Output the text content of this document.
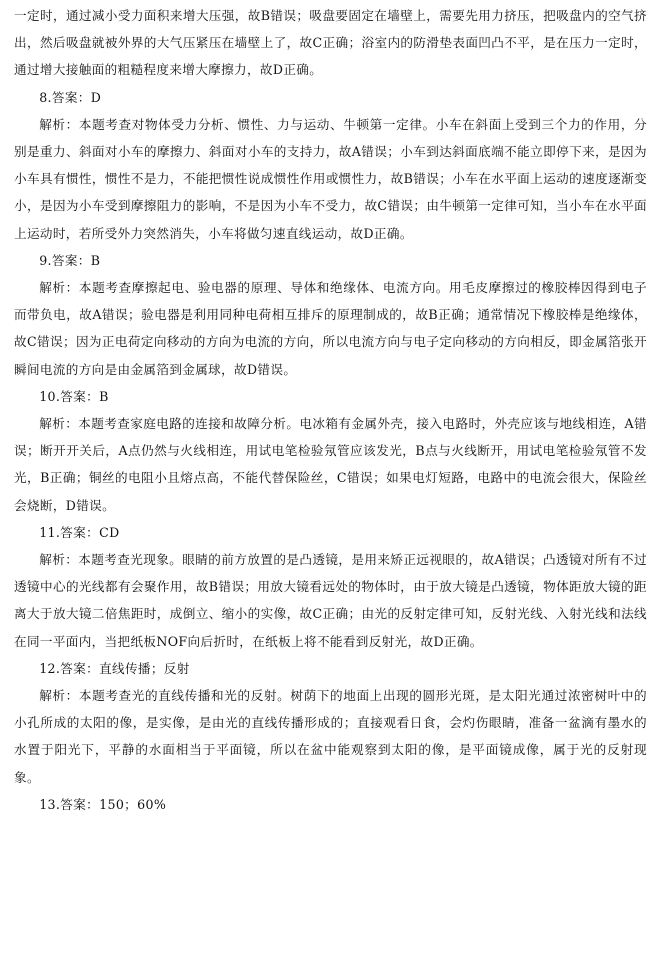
一定时，通过减小受力面积来增大压强，故B错误；吸盘要固定在墙壁上，需要先用力挤压，把吸盘内的空气挤出，然后吸盘就被外界的大气压紧压在墙壁上了，故C正确；浴室内的防滑垫表面凹凸不平，是在压力一定时，通过增大接触面的粗糙程度来增大摩擦力，故D正确。

8.答案：D

解析：本题考查对物体受力分析、惯性、力与运动、牛顿第一定律。小车在斜面上受到三个力的作用，分别是重力、斜面对小车的摩擦力、斜面对小车的支持力，故A错误；小车到达斜面底端不能立即停下来，是因为小车具有惯性，惯性不是力，不能把惯性说成惯性作用或惯性力，故B错误；小车在水平面上运动的速度逐渐变小，是因为小车受到摩擦阻力的影响，不是因为小车不受力，故C错误；由牛顿第一定律可知，当小车在水平面上运动时，若所受外力突然消失，小车将做匀速直线运动，故D正确。

9.答案：B

解析：本题考查摩擦起电、验电器的原理、导体和绝缘体、电流方向。用毛皮摩擦过的橡胶棒因得到电子而带负电，故A错误；验电器是利用同种电荷相互排斥的原理制成的，故B正确；通常情况下橡胶棒是绝缘体，故C错误；因为正电荷定向移动的方向为电流的方向，所以电流方向与电子定向移动的方向相反，即金属箔张开瞬间电流的方向是由金属箔到金属球，故D错误。

10.答案：B

解析：本题考查家庭电路的连接和故障分析。电冰箱有金属外壳，接入电路时，外壳应该与地线相连，A错误；断开开关后，A点仍然与火线相连，用试电笔检验氖管应该发光，B点与火线断开，用试电笔检验氖管不发光，B正确；铜丝的电阻小且熔点高，不能代替保险丝，C错误；如果电灯短路，电路中的电流会很大，保险丝会烧断，D错误。

11.答案：CD

解析：本题考查光现象。眼睛的前方放置的是凸透镜，是用来矫正远视眼的，故A错误；凸透镜对所有不过透镜中心的光线都有会聚作用，故B错误；用放大镜看远处的物体时，由于放大镜是凸透镜，物体距放大镜的距离大于放大镜二倍焦距时，成倒立、缩小的实像，故C正确；由光的反射定律可知，反射光线、入射光线和法线在同一平面内，当把纸板NOF向后折时，在纸板上将不能看到反射光，故D正确。

12.答案：直线传播；反射

解析：本题考查光的直线传播和光的反射。树荫下的地面上出现的圆形光斑，是太阳光通过浓密树叶中的小孔所成的太阳的像，是实像，是由光的直线传播形成的；直接观看日食，会灼伤眼睛，准备一盆滴有墨水的水置于阳光下，平静的水面相当于平面镜，所以在盆中能观察到太阳的像，是平面镜成像，属于光的反射现象。

13.答案：150；60%
